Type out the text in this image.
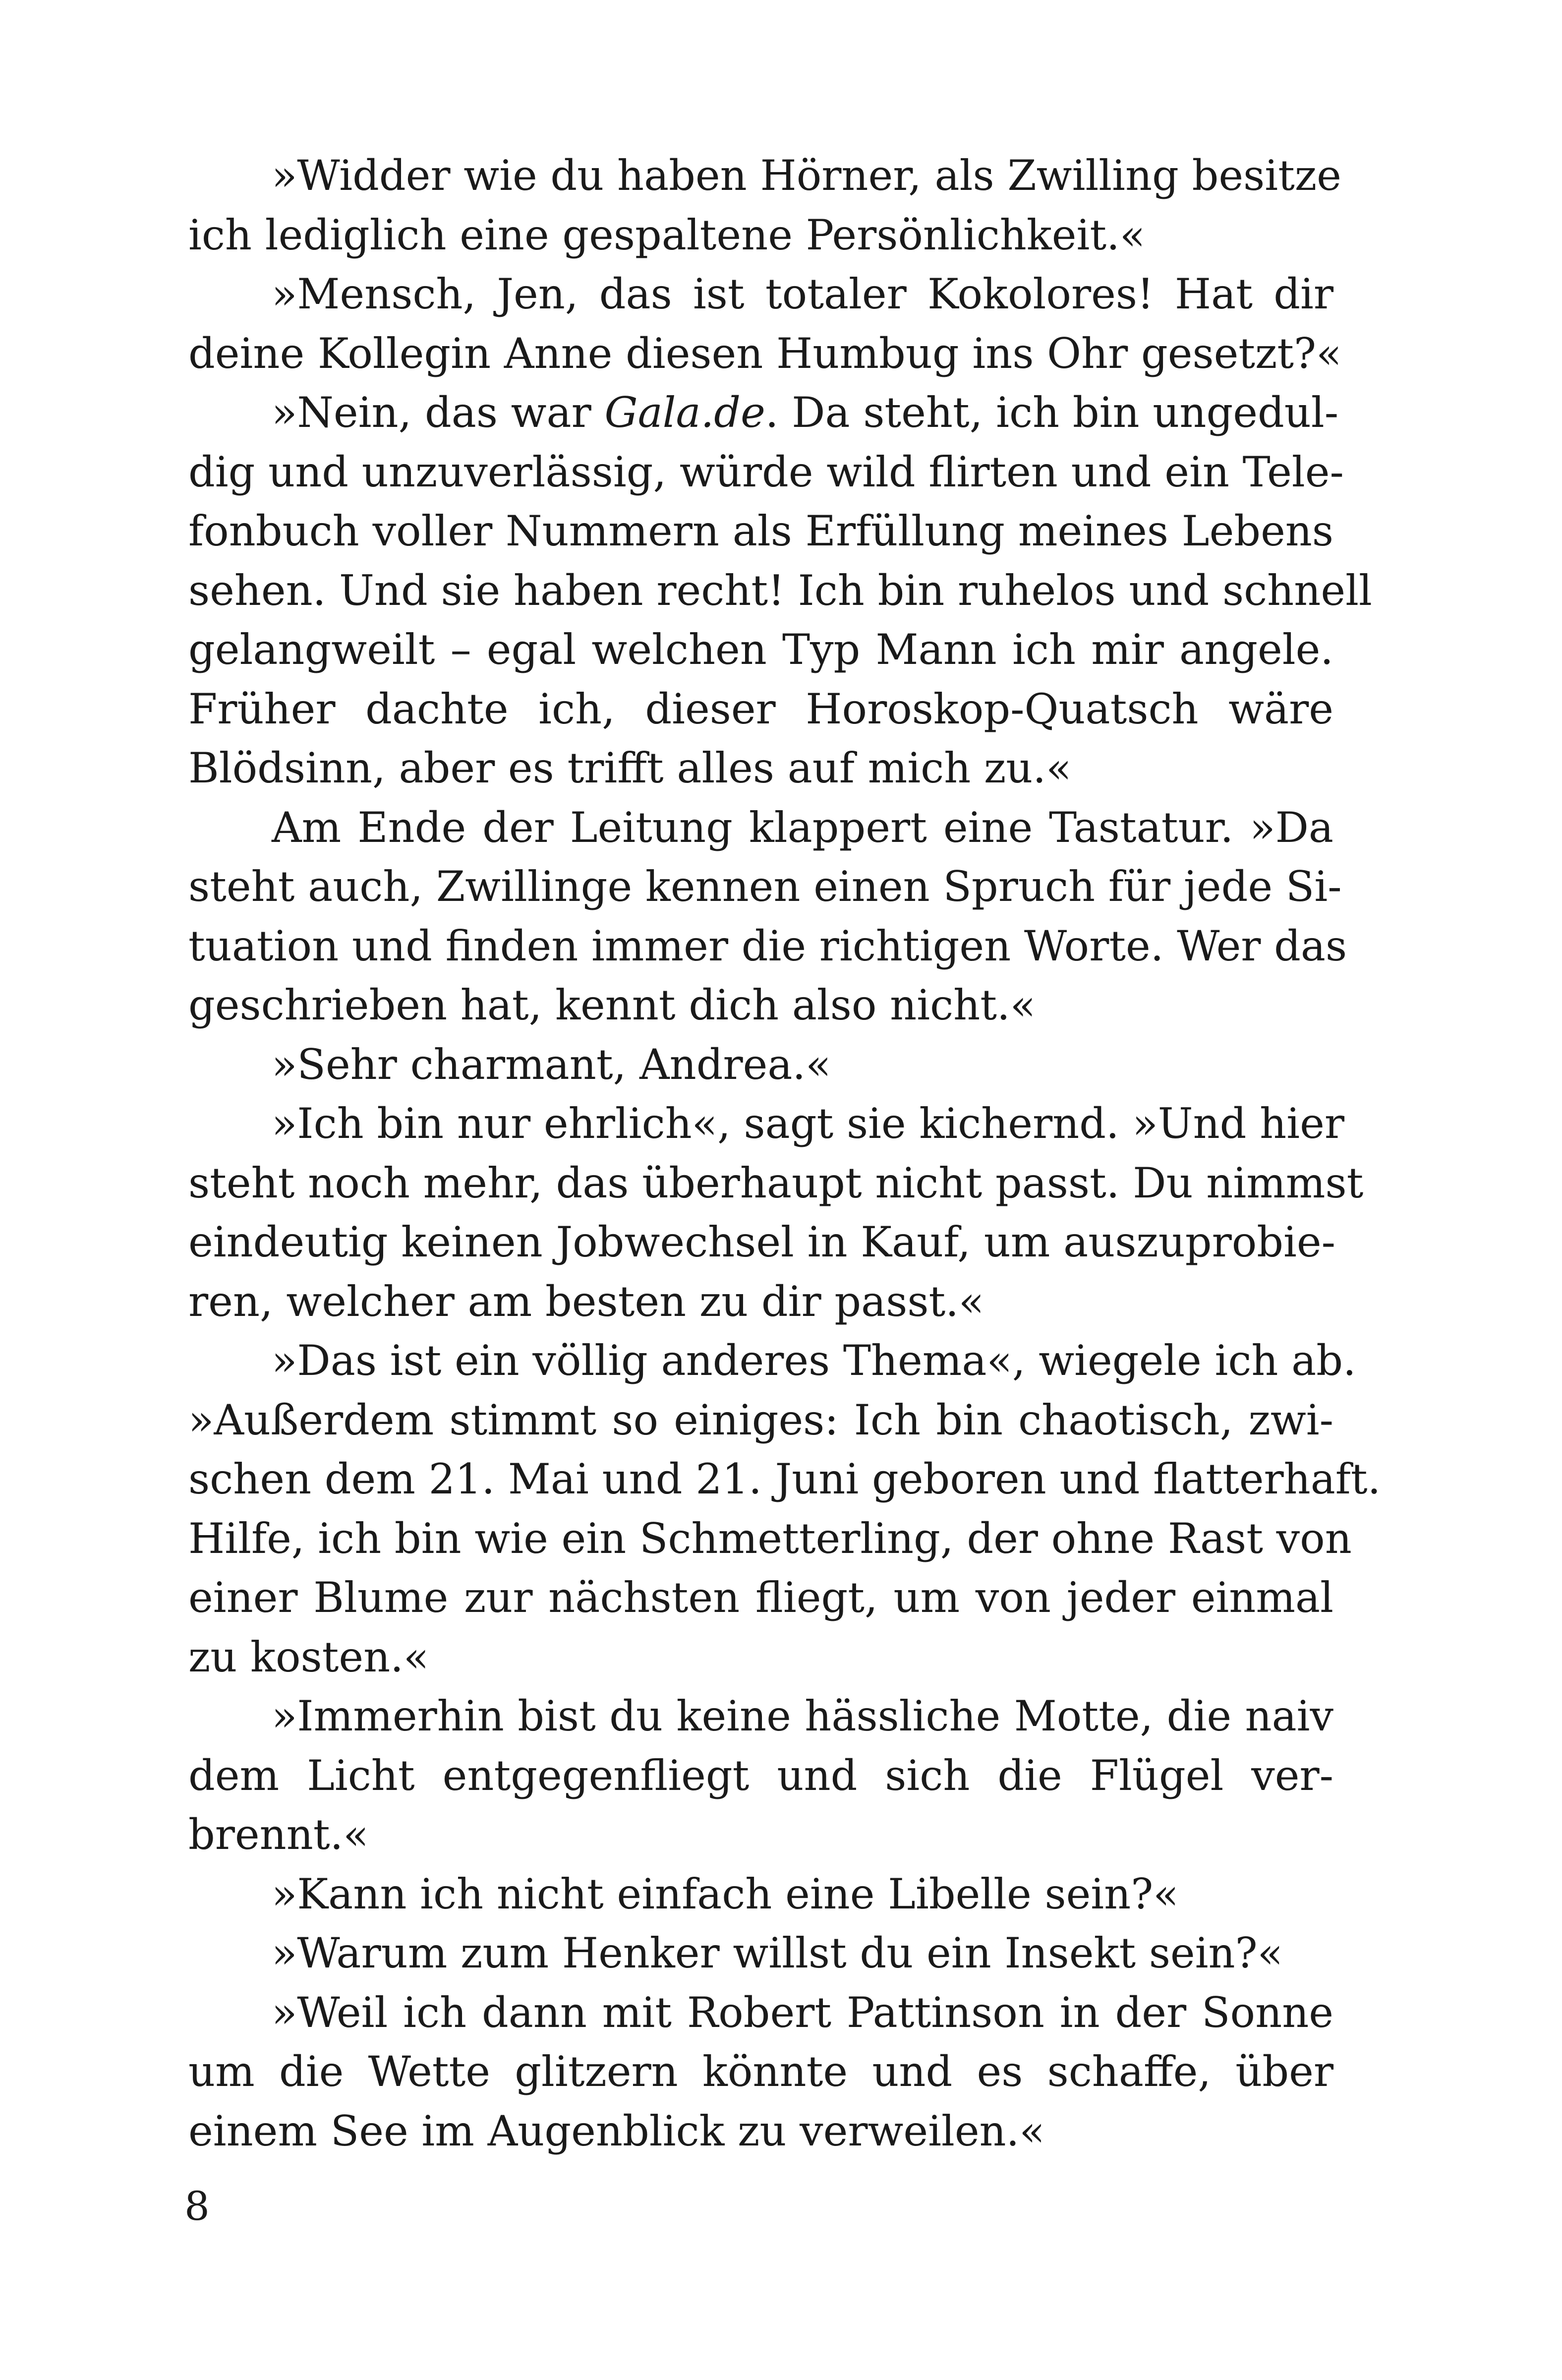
»Widder wie du haben Hörner, als Zwilling besitze
ich lediglich eine gespaltene Persönlichkeit.«
»Mensch, Jen, das ist totaler Kokolores! Hat dir
deine Kollegin Anne diesen Humbug ins Ohr gesetzt?«
»Nein, das war Gala.de. Da steht, ich bin ungedul-
dig und unzuverlässig, würde wild flirten und ein Tele-
fonbuch voller Nummern als Erfüllung meines Lebens
sehen. Und sie haben recht! Ich bin ruhelos und schnell
gelangweilt – egal welchen Typ Mann ich mir angele.
Früher dachte ich, dieser Horoskop-Quatsch wäre
Blödsinn, aber es trifft alles auf mich zu.«
Am Ende der Leitung klappert eine Tastatur. »Da
steht auch, Zwillinge kennen einen Spruch für jede Si-
tuation und finden immer die richtigen Worte. Wer das
geschrieben hat, kennt dich also nicht.«
»Sehr charmant, Andrea.«
»Ich bin nur ehrlich«, sagt sie kichernd. »Und hier
steht noch mehr, das überhaupt nicht passt. Du nimmst
eindeutig keinen Jobwechsel in Kauf, um auszuprobie-
ren, welcher am besten zu dir passt.«
»Das ist ein völlig anderes Thema«, wiegele ich ab.
»Außerdem stimmt so einiges: Ich bin chaotisch, zwi-
schen dem 21. Mai und 21. Juni geboren und flatterhaft.
Hilfe, ich bin wie ein Schmetterling, der ohne Rast von
einer Blume zur nächsten fliegt, um von jeder einmal
zu kosten.«
»Immerhin bist du keine hässliche Motte, die naiv
dem Licht entgegenfliegt und sich die Flügel ver-
brennt.«
»Kann ich nicht einfach eine Libelle sein?«
»Warum zum Henker willst du ein Insekt sein?«
»Weil ich dann mit Robert Pattinson in der Sonne
um die Wette glitzern könnte und es schaffe, über
einem See im Augenblick zu verweilen.«
8
